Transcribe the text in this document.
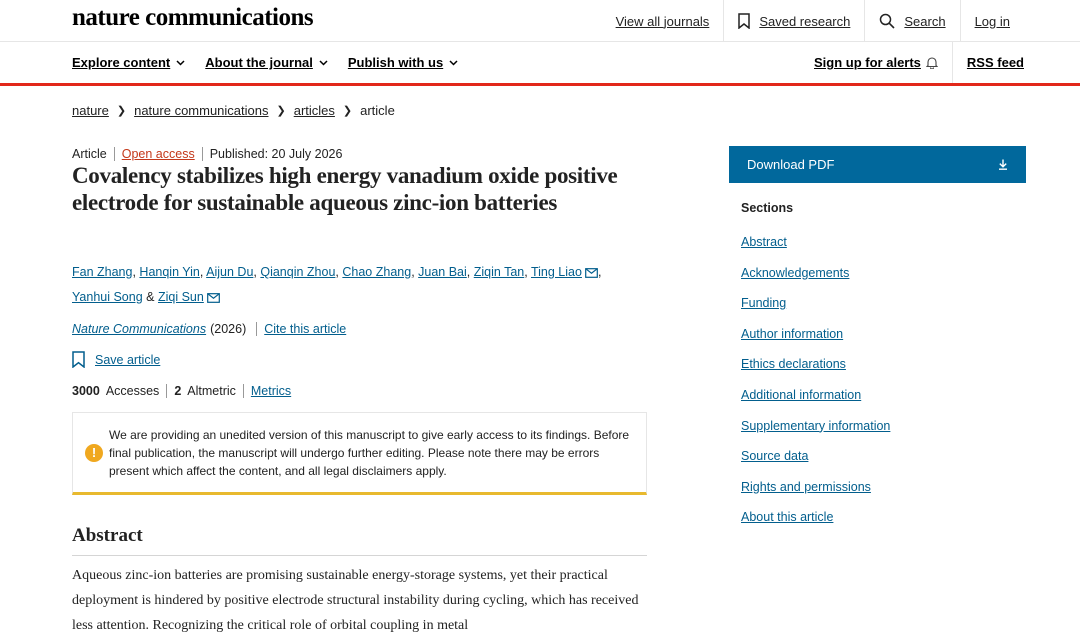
nature communications	View all journals	Saved research	Search	Log in
Explore content	About the journal	Publish with us	Sign up for alerts	RSS feed
nature ❯ nature communications ❯ articles ❯ article
Article Open access Published: 20 July 2026
Covalency stabilizes high energy vanadium oxide positive electrode for sustainable aqueous zinc-ion batteries
Fan Zhang, Hanqin Yin, Aijun Du, Qianqin Zhou, Chao Zhang, Juan Bai, Ziqin Tan, Ting Liao , Yanhui Song & Ziqi Sun
Nature Communications (2026) Cite this article
Save article
3000 Accesses 2 Altmetric Metrics
!

We are providing an unedited version of this manuscript to give early access to its findings. Before final publication, the manuscript will undergo further editing. Please note there may be errors present which affect the content, and all legal disclaimers apply.

Abstract

Aqueous zinc-ion batteries are promising sustainable energy-storage systems, yet their practical deployment is hindered by positive electrode structural instability during cycling, which has received less attention. Recognizing the critical role of orbital coupling in metal

Download PDF
Sections
Abstract
Acknowledgements
Funding
Author information
Ethics declarations
Additional information
Supplementary information
Source data
Rights and permissions
About this article
